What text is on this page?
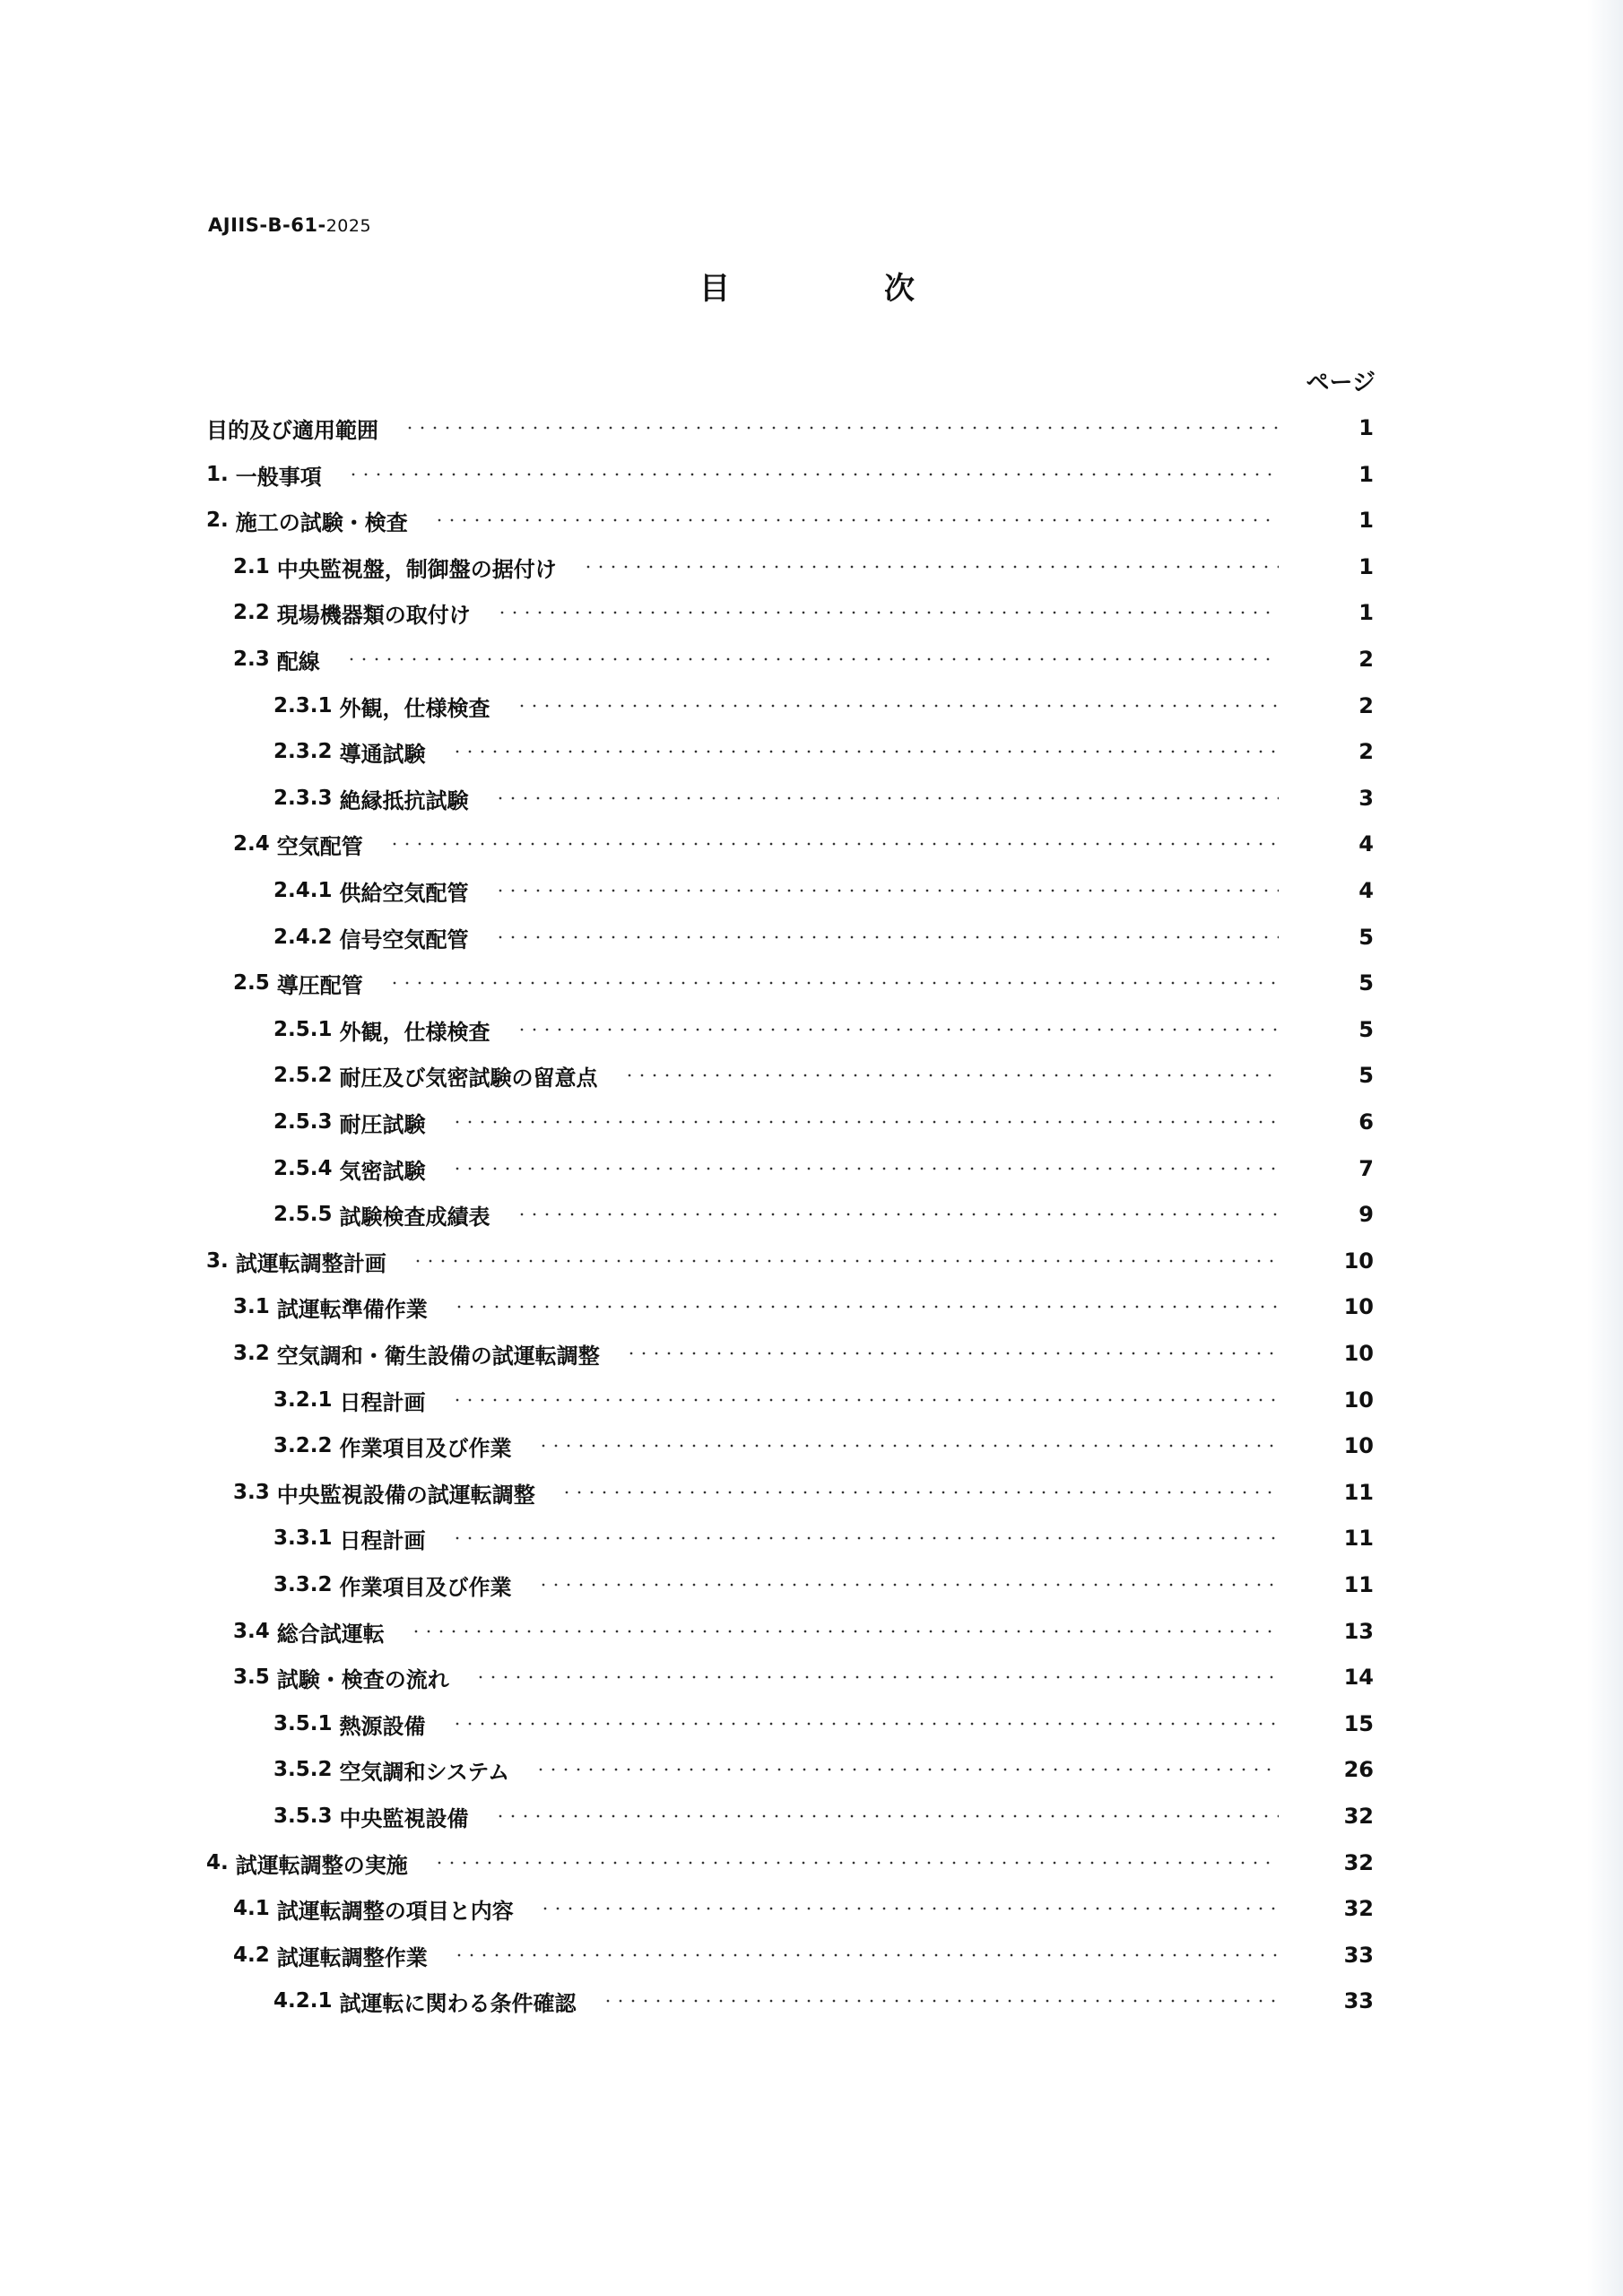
AJIIS-B-61-2025
目	次
ページ
目的及び適用範囲	1
1. 一般事項	1
2. 施工の試験・検査	1
2.1 中央監視盤，制御盤の据付け	1
2.2 現場機器類の取付け	1
2.3 配線	2
2.3.1 外観，仕様検査	2
2.3.2 導通試験	2
2.3.3 絶縁抵抗試験	3
2.4 空気配管	4
2.4.1 供給空気配管	4
2.4.2 信号空気配管	5
2.5 導圧配管	5
2.5.1 外観，仕様検査	5
2.5.2 耐圧及び気密試験の留意点	5
2.5.3 耐圧試験	6
2.5.4 気密試験	7
2.5.5 試験検査成績表	9
3. 試運転調整計画	10
3.1 試運転準備作業	10
3.2 空気調和・衛生設備の試運転調整	10
3.2.1 日程計画	10
3.2.2 作業項目及び作業	10
3.3 中央監視設備の試運転調整	11
3.3.1 日程計画	11
3.3.2 作業項目及び作業	11
3.4 総合試運転	13
3.5 試験・検査の流れ	14
3.5.1 熱源設備	15
3.5.2 空気調和システム	26
3.5.3 中央監視設備	32
4. 試運転調整の実施	32
4.1 試運転調整の項目と内容	32
4.2 試運転調整作業	33
4.2.1 試運転に関わる条件確認	33
